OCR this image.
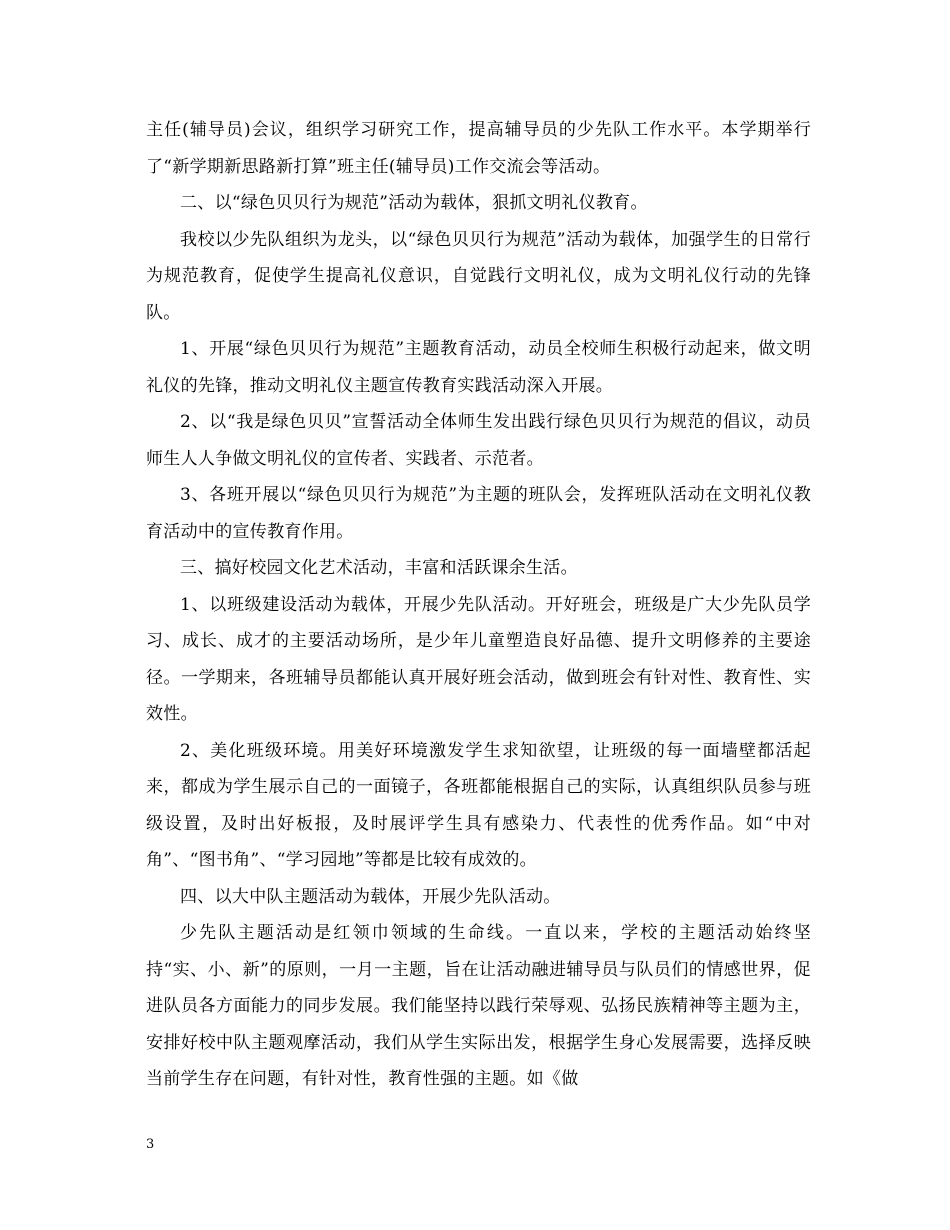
主任(辅导员)会议，组织学习研究工作，提高辅导员的少先队工作水平。本学期举行了“新学期新思路新打算”班主任(辅导员)工作交流会等活动。

二、以“绿色贝贝行为规范”活动为载体，狠抓文明礼仪教育。

我校以少先队组织为龙头，以“绿色贝贝行为规范”活动为载体，加强学生的日常行为规范教育，促使学生提高礼仪意识，自觉践行文明礼仪，成为文明礼仪行动的先锋队。

1、开展“绿色贝贝行为规范”主题教育活动，动员全校师生积极行动起来，做文明礼仪的先锋，推动文明礼仪主题宣传教育实践活动深入开展。

2、以“我是绿色贝贝”宣誓活动全体师生发出践行绿色贝贝行为规范的倡议，动员师生人人争做文明礼仪的宣传者、实践者、示范者。

3、各班开展以“绿色贝贝行为规范”为主题的班队会，发挥班队活动在文明礼仪教育活动中的宣传教育作用。

三、搞好校园文化艺术活动，丰富和活跃课余生活。

1、以班级建设活动为载体，开展少先队活动。开好班会，班级是广大少先队员学习、成长、成才的主要活动场所，是少年儿童塑造良好品德、提升文明修养的主要途径。一学期来，各班辅导员都能认真开展好班会活动，做到班会有针对性、教育性、实效性。

2、美化班级环境。用美好环境激发学生求知欲望，让班级的每一面墙壁都活起来，都成为学生展示自己的一面镜子，各班都能根据自己的实际，认真组织队员参与班级设置，及时出好板报，及时展评学生具有感染力、代表性的优秀作品。如“中对角”、“图书角”、“学习园地”等都是比较有成效的。

四、以大中队主题活动为载体，开展少先队活动。

少先队主题活动是红领巾领域的生命线。一直以来，学校的主题活动始终坚持“实、小、新”的原则，一月一主题，旨在让活动融进辅导员与队员们的情感世界，促进队员各方面能力的同步发展。我们能坚持以践行荣辱观、弘扬民族精神等主题为主，安排好校中队主题观摩活动，我们从学生实际出发，根据学生身心发展需要，选择反映当前学生存在问题，有针对性，教育性强的主题。如《做

3
